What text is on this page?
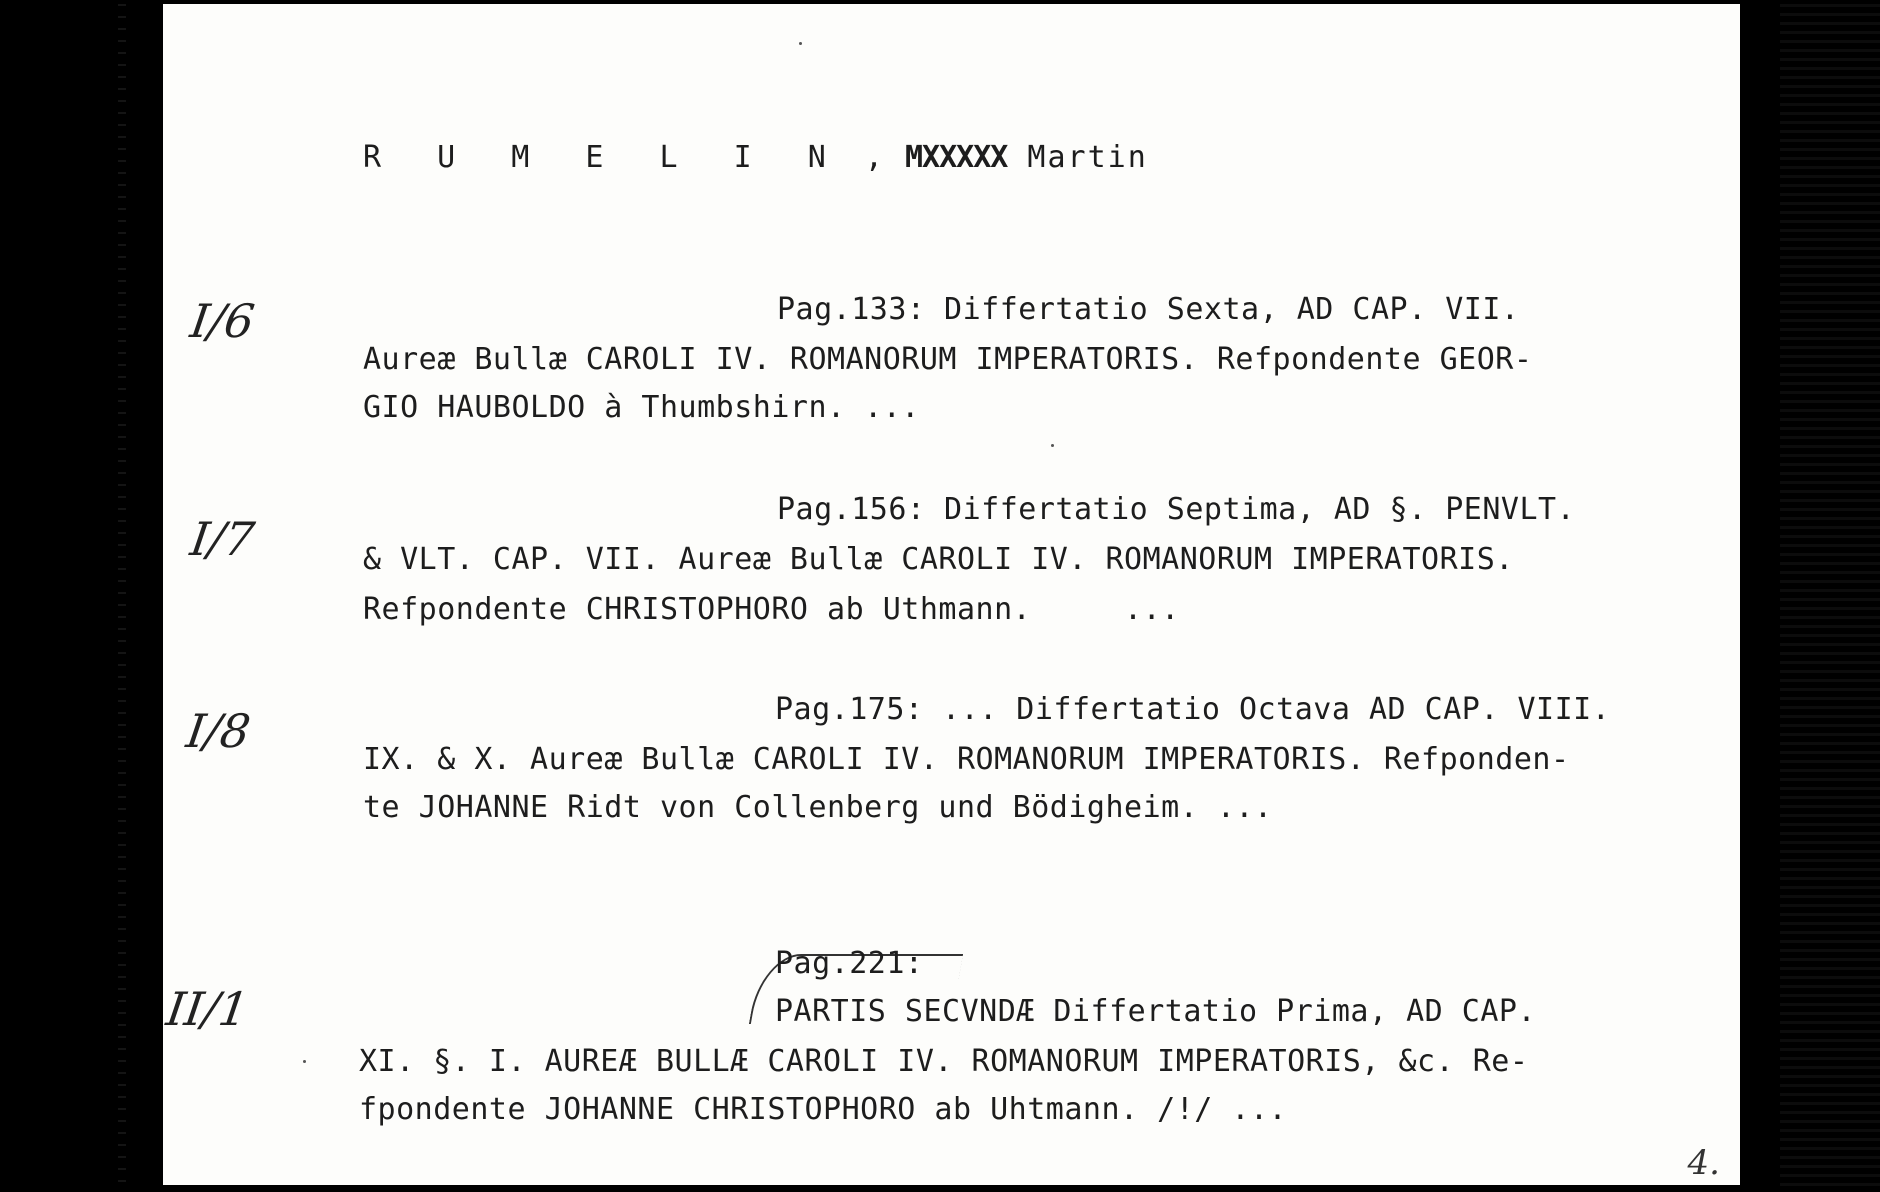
R U M E L I N , MXXXXX Martin
I/6	Pag.133: Differtatio Sexta, AD CAP. VII.
Aureæ Bullæ CAROLI IV. ROMANORUM IMPERATORIS. Refpondente GEOR-
GIO HAUBOLDO à Thumbshirn. ...
I/7
Pag.156: Differtatio Septima, AD §. PENVLT.
& VLT. CAP. VII. Aureæ Bullæ CAROLI IV. ROMANORUM IMPERATORIS.
Refpondente CHRISTOPHORO ab Uthmann.     ...
I/8	Pag.175: ... Differtatio Octava AD CAP. VIII.
IX. & X. Aureæ Bullæ CAROLI IV. ROMANORUM IMPERATORIS. Refponden-
te JOHANNE Ridt von Collenberg und Bödigheim. ...
II/1
Pag.221:
PARTIS SECVNDÆ Differtatio Prima, AD CAP.
XI. §. I. AUREÆ BULLÆ CAROLI IV. ROMANORUM IMPERATORIS, &c. Re-
fpondente JOHANNE CHRISTOPHORO ab Uhtmann. /!/ ...
4.
